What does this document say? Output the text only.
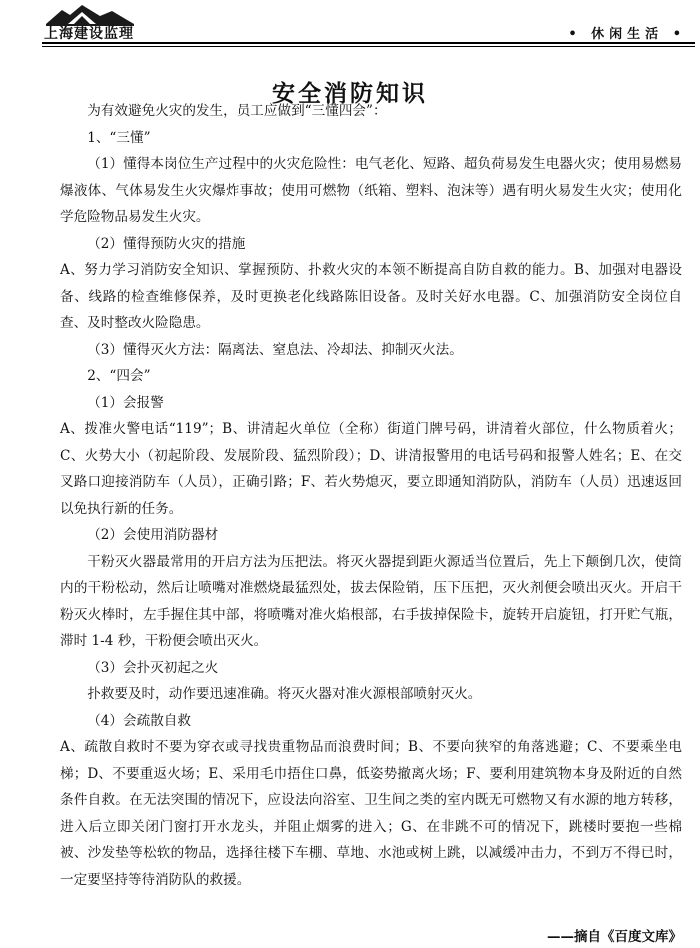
上海建设监理	• 休闲生活 •
安全消防知识

为有效避免火灾的发生，员工应做到“三懂四会”：

1、“三懂”

（1）懂得本岗位生产过程中的火灾危险性：电气老化、短路、超负荷易发生电器火灾；使用易燃易爆液体、气体易发生火灾爆炸事故；使用可燃物（纸箱、塑料、泡沫等）遇有明火易发生火灾；使用化学危险物品易发生火灾。

（2）懂得预防火灾的措施

A、努力学习消防安全知识、掌握预防、扑救火灾的本领不断提高自防自救的能力。B、加强对电器设备、线路的检查维修保养，及时更换老化线路陈旧设备。及时关好水电器。C、加强消防安全岗位自查、及时整改火险隐患。

（3）懂得灭火方法：隔离法、窒息法、冷却法、抑制灭火法。

2、“四会”

（1）会报警

A、拨准火警电话“119”；B、讲清起火单位（全称）街道门牌号码，讲清着火部位，什么物质着火；C、火势大小（初起阶段、发展阶段、猛烈阶段）；D、讲清报警用的电话号码和报警人姓名；E、在交叉路口迎接消防车（人员），正确引路；F、若火势熄灭，要立即通知消防队，消防车（人员）迅速返回以免执行新的任务。

（2）会使用消防器材

干粉灭火器最常用的开启方法为压把法。将灭火器提到距火源适当位置后，先上下颠倒几次，使筒内的干粉松动，然后让喷嘴对准燃烧最猛烈处，拔去保险销，压下压把，灭火剂便会喷出灭火。开启干粉灭火棒时，左手握住其中部，将喷嘴对准火焰根部，右手拔掉保险卡，旋转开启旋钮，打开贮气瓶，滞时 1-4 秒，干粉便会喷出灭火。

（3）会扑灭初起之火

扑救要及时，动作要迅速准确。将灭火器对准火源根部喷射灭火。

（4）会疏散自救

A、疏散自救时不要为穿衣或寻找贵重物品而浪费时间；B、不要向狭窄的角落逃避；C、不要乘坐电梯；D、不要重返火场；E、采用毛巾捂住口鼻，低姿势撤离火场；F、要利用建筑物本身及附近的自然条件自救。在无法突围的情况下，应设法向浴室、卫生间之类的室内既无可燃物又有水源的地方转移，进入后立即关闭门窗打开水龙头，并阻止烟雾的进入；G、在非跳不可的情况下，跳楼时要抱一些棉被、沙发垫等松软的物品，选择往楼下车棚、草地、水池或树上跳，以减缓冲击力，不到万不得已时，一定要坚持等待消防队的救援。

——摘自《百度文库》
